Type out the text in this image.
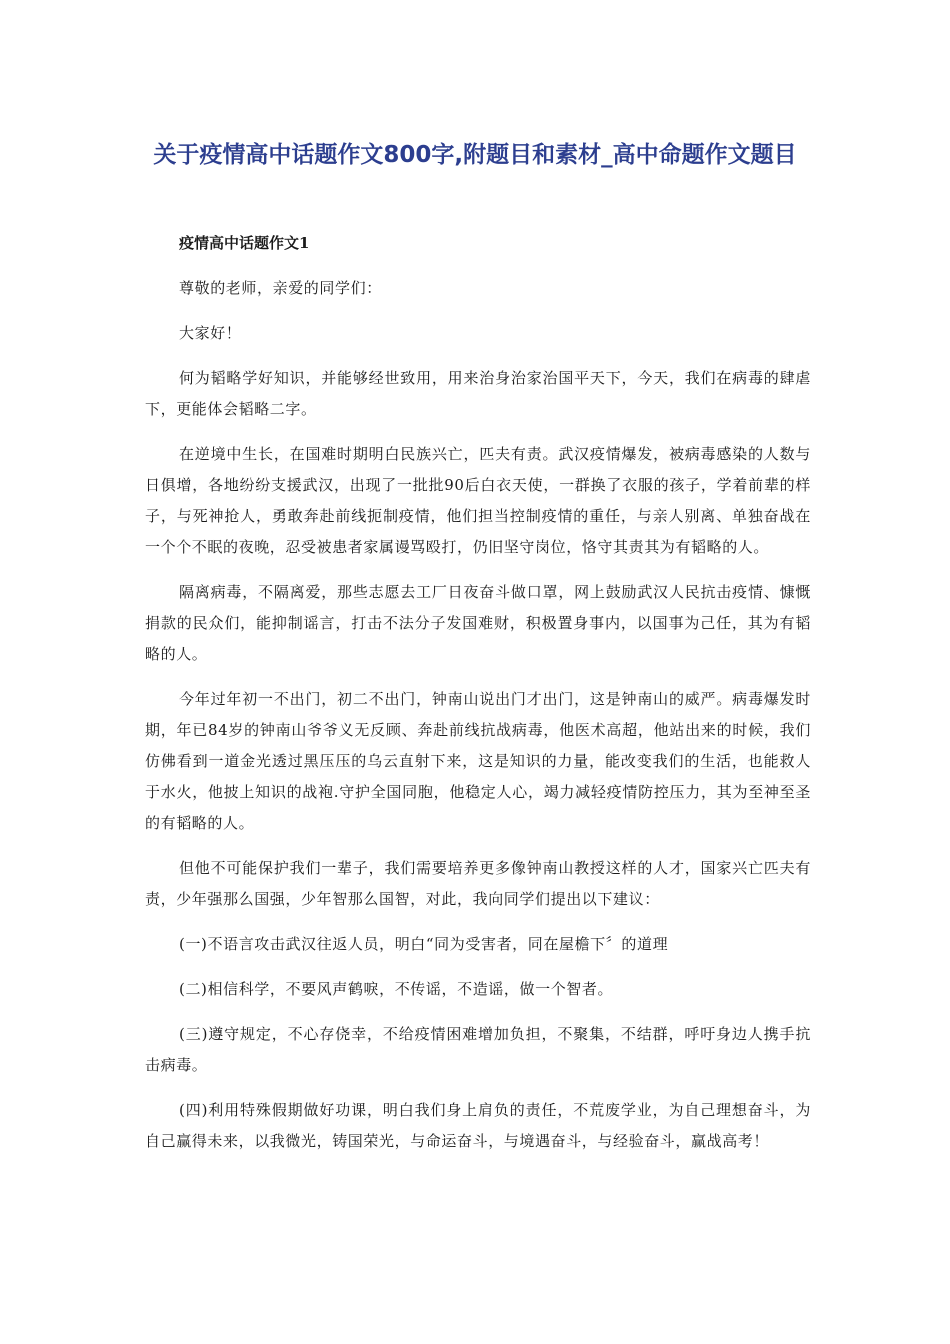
关于疫情高中话题作文800字,附题目和素材_高中命题作文题目

疫情高中话题作文1

尊敬的老师，亲爱的同学们：

大家好！

何为韬略学好知识，并能够经世致用，用来治身治家治国平天下，今天，我们在病毒的肆虐下，更能体会韬略二字。

在逆境中生长，在国难时期明白民族兴亡，匹夫有责。武汉疫情爆发，被病毒感染的人数与日俱增，各地纷纷支援武汉，出现了一批批90后白衣天使，一群换了衣服的孩子，学着前辈的样子，与死神抢人，勇敢奔赴前线扼制疫情，他们担当控制疫情的重任，与亲人别离、单独奋战在一个个不眠的夜晚，忍受被患者家属谩骂殴打，仍旧坚守岗位，恪守其责其为有韬略的人。

隔离病毒，不隔离爱，那些志愿去工厂日夜奋斗做口罩，网上鼓励武汉人民抗击疫情、慷慨捐款的民众们，能抑制谣言，打击不法分子发国难财，积极置身事内，以国事为己任，其为有韬略的人。

今年过年初一不出门，初二不出门，钟南山说出门才出门，这是钟南山的威严。病毒爆发时期，年已84岁的钟南山爷爷义无反顾、奔赴前线抗战病毒，他医术高超，他站出来的时候，我们仿佛看到一道金光透过黑压压的乌云直射下来，这是知识的力量，能改变我们的生活，也能救人于水火，他披上知识的战袍.守护全国同胞，他稳定人心，竭力减轻疫情防控压力，其为至神至圣的有韬略的人。

但他不可能保护我们一辈子，我们需要培养更多像钟南山教授这样的人才，国家兴亡匹夫有责，少年强那么国强，少年智那么国智，对此，我向同学们提出以下建议：

(一)不语言攻击武汉往返人员，明白“同为受害者，同在屋檐下〞的道理

(二)相信科学，不要风声鹤唳，不传谣，不造谣，做一个智者。

(三)遵守规定，不心存侥幸，不给疫情困难增加负担，不聚集，不结群，呼吁身边人携手抗击病毒。

(四)利用特殊假期做好功课，明白我们身上肩负的责任，不荒废学业，为自己理想奋斗，为自己赢得未来，以我微光，铸国荣光，与命运奋斗，与境遇奋斗，与经验奋斗，赢战高考！
